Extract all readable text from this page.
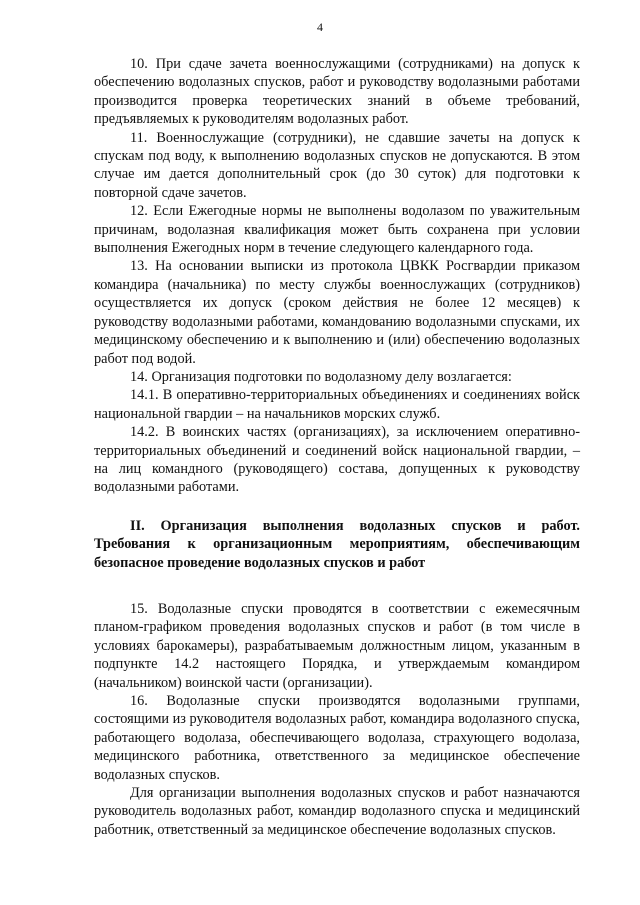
4

10. При сдаче зачета военнослужащими (сотрудниками) на допуск к обеспечению водолазных спусков, работ и руководству водолазными работами производится проверка теоретических знаний в объеме требований, предъявляемых к руководителям водолазных работ.

11. Военнослужащие (сотрудники), не сдавшие зачеты на допуск к спускам под воду, к выполнению водолазных спусков не допускаются. В этом случае им дается дополнительный срок (до 30 суток) для подготовки к повторной сдаче зачетов.

12. Если Ежегодные нормы не выполнены водолазом по уважительным причинам, водолазная квалификация может быть сохранена при условии выполнения Ежегодных норм в течение следующего календарного года.

13. На основании выписки из протокола ЦВКК Росгвардии приказом командира (начальника) по месту службы военнослужащих (сотрудников) осуществляется их допуск (сроком действия не более 12 месяцев) к руководству водолазными работами, командованию водолазными спусками, их медицинскому обеспечению и к выполнению и (или) обеспечению водолазных работ под водой.

14. Организация подготовки по водолазному делу возлагается:

14.1. В оперативно-территориальных объединениях и соединениях войск национальной гвардии – на начальников морских служб.

14.2. В воинских частях (организациях), за исключением оперативно-территориальных объединений и соединений войск национальной гвардии, – на лиц командного (руководящего) состава, допущенных к руководству водолазными работами.

II. Организация выполнения водолазных спусков и работ. Требования к организационным мероприятиям, обеспечивающим безопасное проведение водолазных спусков и работ

15. Водолазные спуски проводятся в соответствии с ежемесячным планом-графиком проведения водолазных спусков и работ (в том числе в условиях барокамеры), разрабатываемым должностным лицом, указанным в подпункте 14.2 настоящего Порядка, и утверждаемым командиром (начальником) воинской части (организации).

16. Водолазные спуски производятся водолазными группами, состоящими из руководителя водолазных работ, командира водолазного спуска, работающего водолаза, обеспечивающего водолаза, страхующего водолаза, медицинского работника, ответственного за медицинское обеспечение водолазных спусков.

Для организации выполнения водолазных спусков и работ назначаются руководитель водолазных работ, командир водолазного спуска и медицинский работник, ответственный за медицинское обеспечение водолазных спусков.
